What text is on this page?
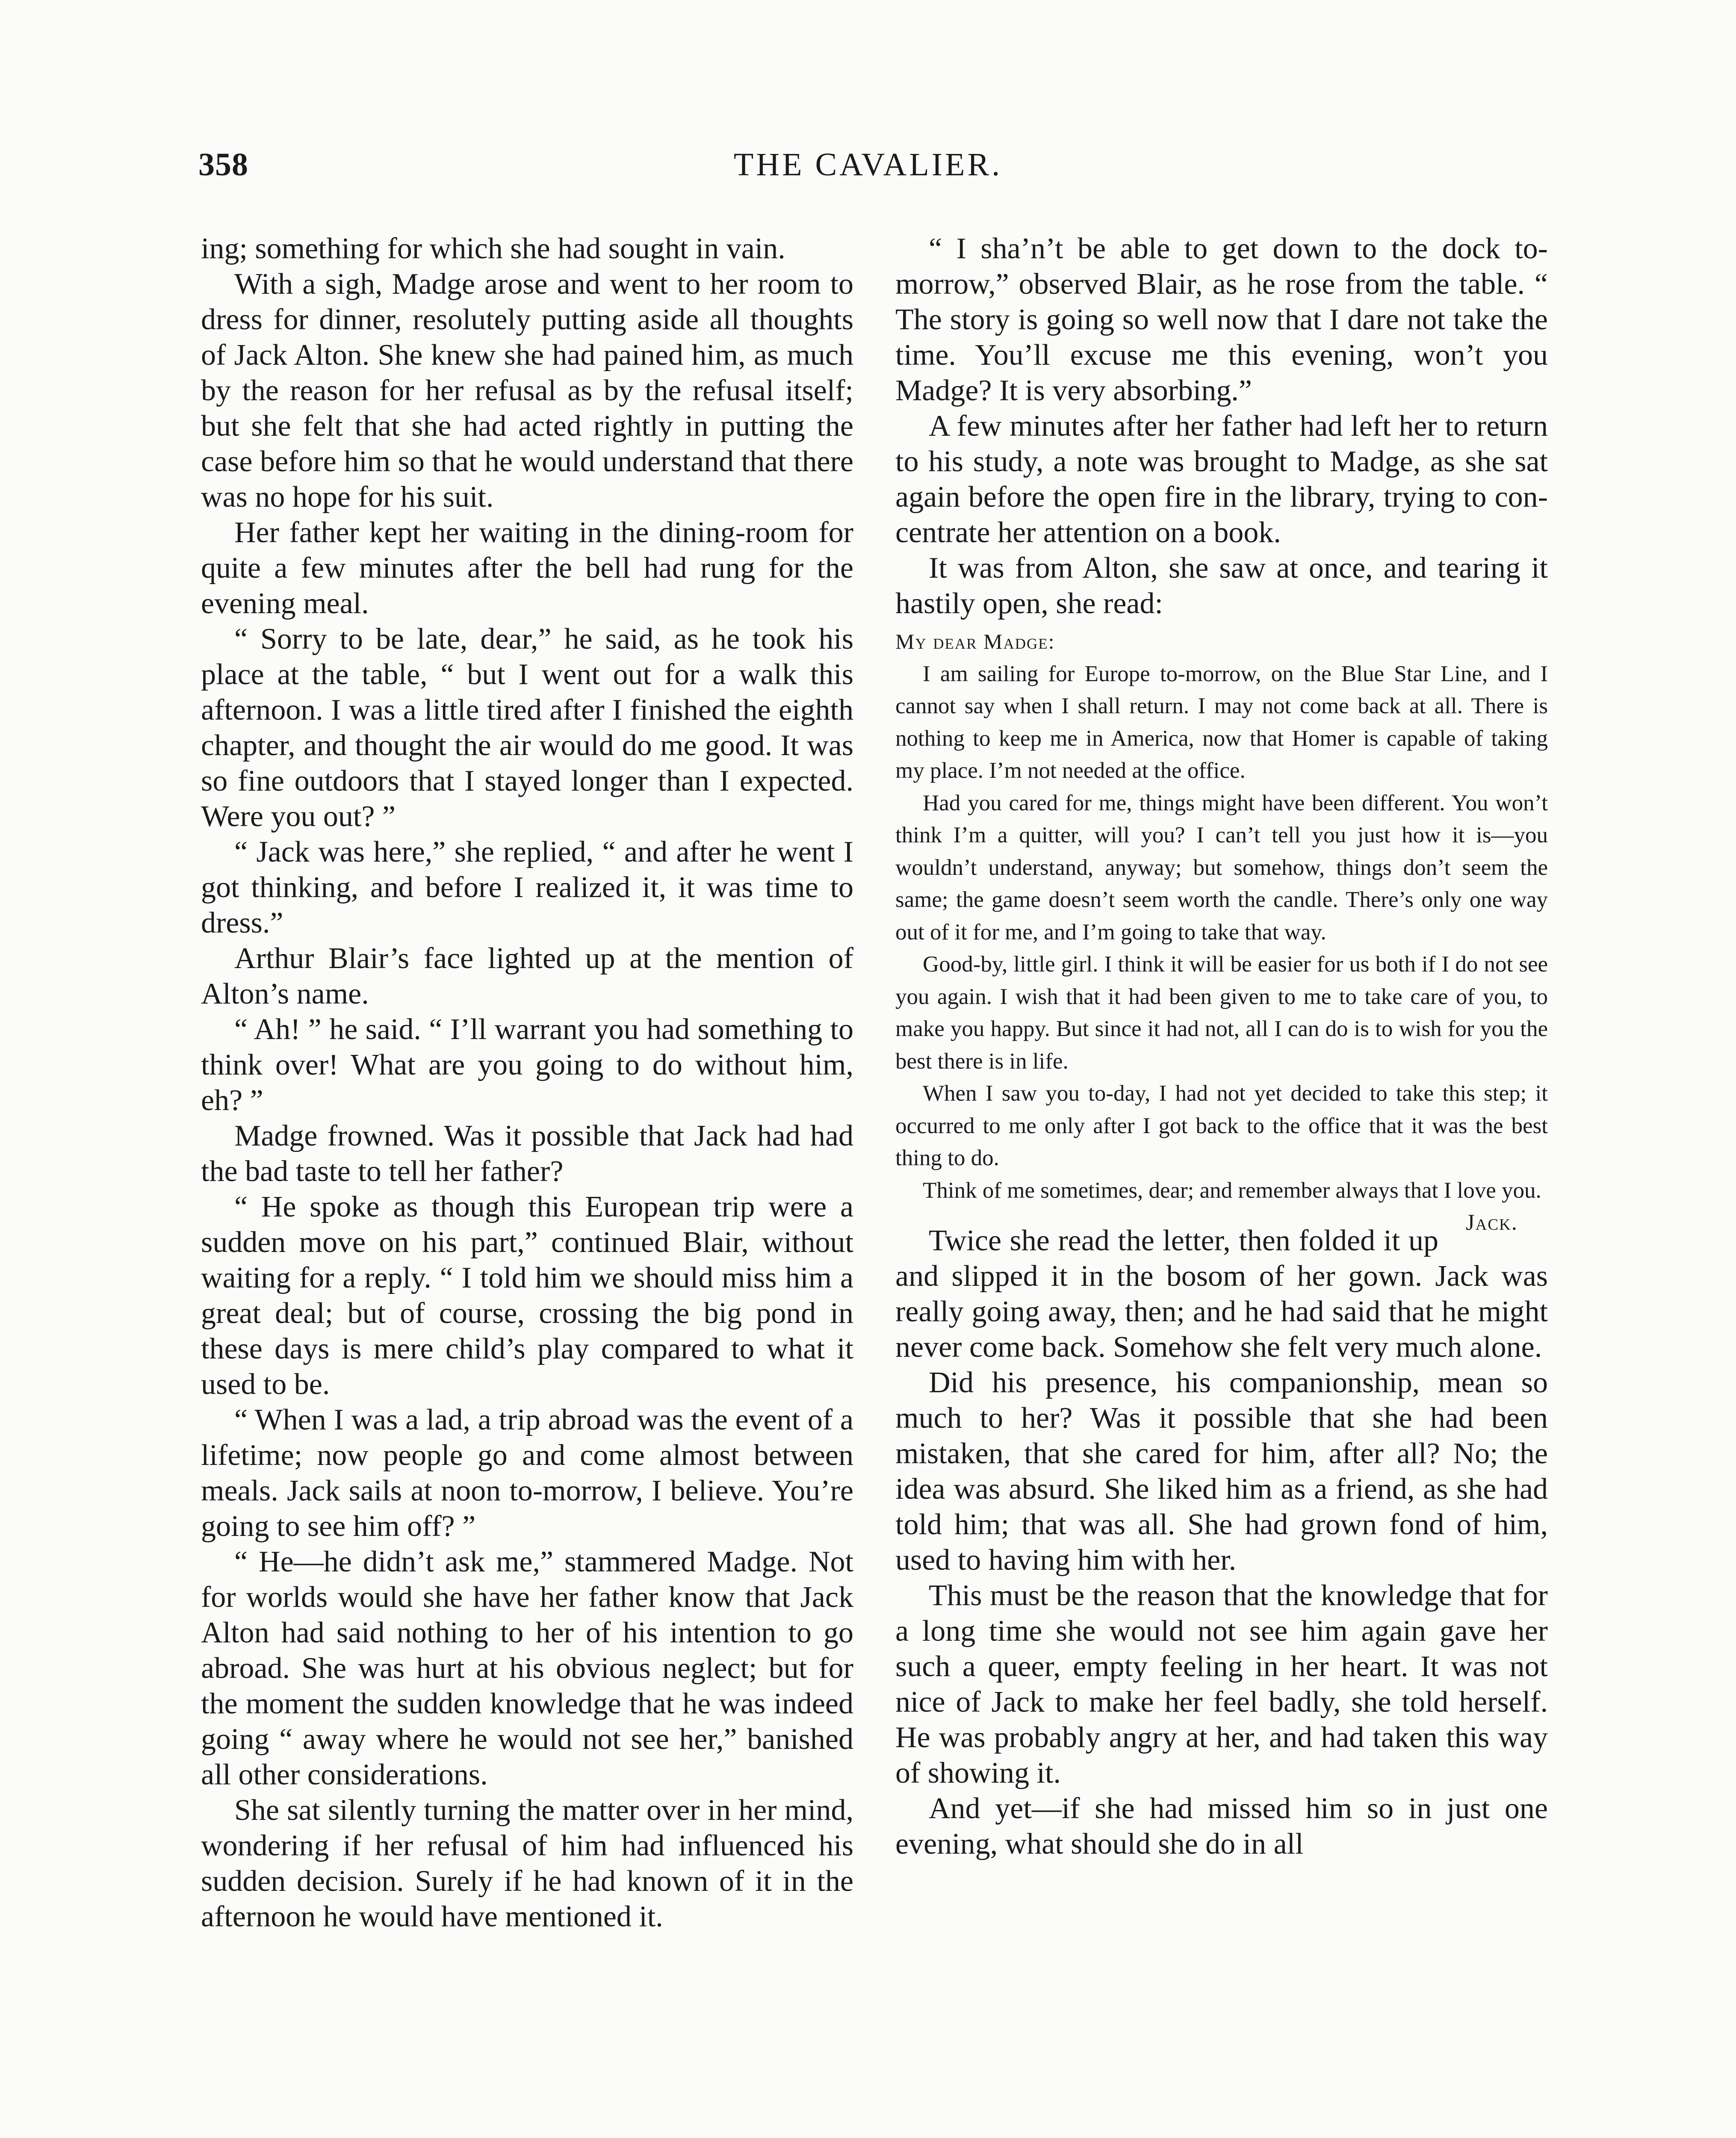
358	THE CAVALIER.

ing; something for which she had sought in vain.

With a sigh, Madge arose and went to her room to dress for dinner, resolutely putting aside all thoughts of Jack Alton. She knew she had pained him, as much by the reason for her refusal as by the refusal itself; but she felt that she had acted rightly in putting the case before him so that he would understand that there was no hope for his suit.

Her father kept her waiting in the dining-room for quite a few minutes after the bell had rung for the evening meal.

“ Sorry to be late, dear,” he said, as he took his place at the table, “ but I went out for a walk this afternoon. I was a little tired after I finished the eighth chapter, and thought the air would do me good. It was so fine outdoors that I stayed longer than I expected. Were you out? ”

“ Jack was here,” she replied, “ and after he went I got thinking, and before I realized it, it was time to dress.”

Arthur Blair’s face lighted up at the mention of Alton’s name.

“ Ah! ” he said. “ I’ll warrant you had something to think over! What are you going to do without him, eh? ”

Madge frowned. Was it possible that Jack had had the bad taste to tell her father?

“ He spoke as though this European trip were a sudden move on his part,” continued Blair, without waiting for a reply. “ I told him we should miss him a great deal; but of course, crossing the big pond in these days is mere child’s play compared to what it used to be.

“ When I was a lad, a trip abroad was the event of a lifetime; now people go and come almost between meals. Jack sails at noon to-morrow, I believe. You’re going to see him off? ”

“ He—he didn’t ask me,” stammered Madge. Not for worlds would she have her father know that Jack Alton had said nothing to her of his intention to go abroad. She was hurt at his obvious neglect; but for the moment the sudden knowledge that he was indeed going “ away where he would not see her,” banished all other considerations.

She sat silently turning the matter over in her mind, wondering if her refusal of him had influenced his sudden decision. Surely if he had known of it in the afternoon he would have mentioned it.

“ I sha’n’t be able to get down to the dock to-morrow,” observed Blair, as he rose from the table. “ The story is going so well now that I dare not take the time. You’ll excuse me this evening, won’t you Madge? It is very absorbing.”

A few minutes after her father had left her to return to his study, a note was brought to Madge, as she sat again before the open fire in the library, trying to concentrate her attention on a book.

It was from Alton, she saw at once, and tearing it hastily open, she read:

My dear Madge:

I am sailing for Europe to-morrow, on the Blue Star Line, and I cannot say when I shall return. I may not come back at all. There is nothing to keep me in America, now that Homer is capable of taking my place. I’m not needed at the office.

Had you cared for me, things might have been different. You won’t think I’m a quitter, will you? I can’t tell you just how it is—you wouldn’t understand, anyway; but somehow, things don’t seem the same; the game doesn’t seem worth the candle. There’s only one way out of it for me, and I’m going to take that way.

Good-by, little girl. I think it will be easier for us both if I do not see you again. I wish that it had been given to me to take care of you, to make you happy. But since it had not, all I can do is to wish for you the best there is in life.

When I saw you to-day, I had not yet decided to take this step; it occurred to me only after I got back to the office that it was the best thing to do.

Think of me sometimes, dear; and remember always that I love you.
Jack.

Twice she read the letter, then folded it up and slipped it in the bosom of her gown. Jack was really going away, then; and he had said that he might never come back. Somehow she felt very much alone.

Did his presence, his companionship, mean so much to her? Was it possible that she had been mistaken, that she cared for him, after all? No; the idea was absurd. She liked him as a friend, as she had told him; that was all. She had grown fond of him, used to having him with her.

This must be the reason that the knowledge that for a long time she would not see him again gave her such a queer, empty feeling in her heart. It was not nice of Jack to make her feel badly, she told herself. He was probably angry at her, and had taken this way of showing it.

And yet—if she had missed him so in just one evening, what should she do in all
